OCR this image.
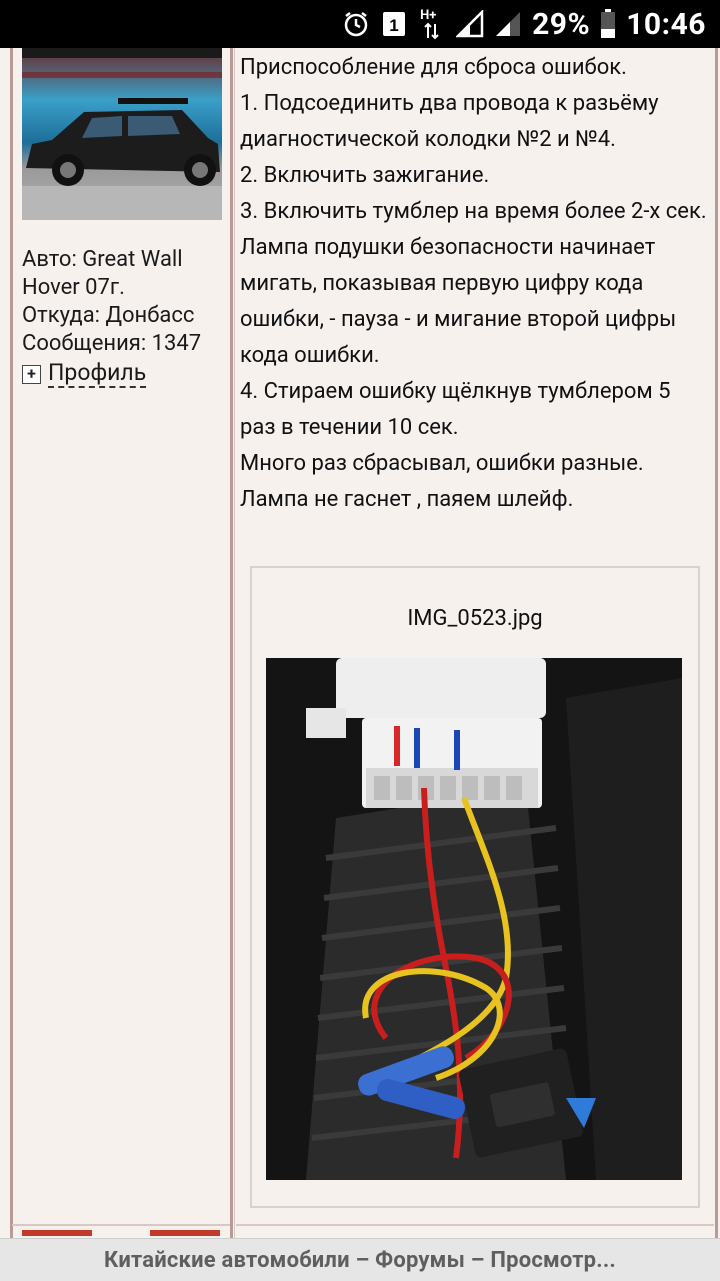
1
H+	29% 10:46
Авто: Great Wall
Hover 07г.
Откуда: Донбасс
Сообщения: 1347
+ Профиль

Приспособление для сброса ошибок.

1. Подсоединить два провода к разьёму диагностической колодки №2 и №4.

2. Включить зажигание.

3. Включить тумблер на время более 2-х сек. Лампа подушки безопасности начинает мигать, показывая первую цифру кода ошибки, - пауза - и мигание второй цифры кода ошибки.

4. Стираем ошибку щёлкнув тумблером 5 раз в течении 10 сек.

Много раз сбрасывал, ошибки разные.

Лампа не гаснет , паяем шлейф.

IMG_0523.jpg
Китайские автомобили – Форумы – Просмотр...
